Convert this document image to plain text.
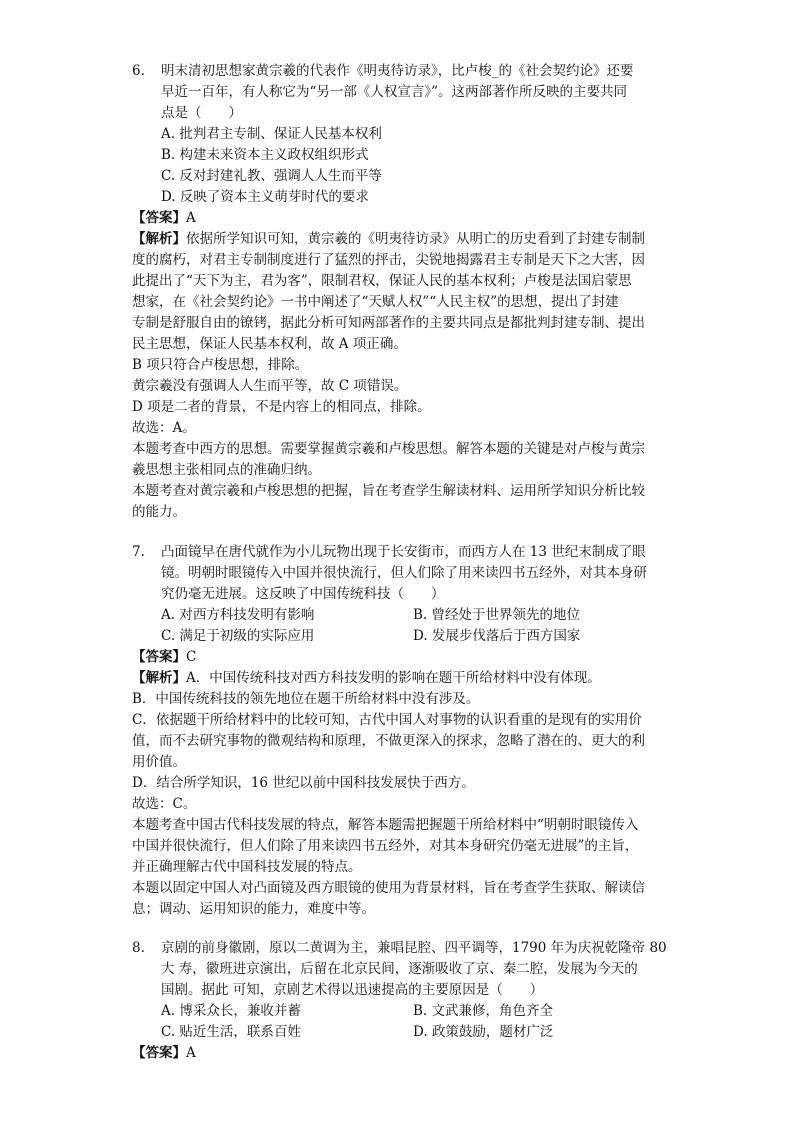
6. 明末清初思想家黄宗羲的代表作《明夷待访录》，比卢梭_的《社会契约论》还要
早近一百年，有人称它为“另一部《人权宣言》”。这两部著作所反映的主要共同
点是（　　）
A. 批判君主专制、保证人民基本权利
B. 构建未来资本主义政权组织形式
C. 反对封建礼教、强调人人生而平等
D. 反映了资本主义萌芽时代的要求
【答案】A
【解析】依据所学知识可知，黄宗羲的《明夷待访录》从明亡的历史看到了封建专制制
度的腐朽，对君主专制制度进行了猛烈的抨击，尖锐地揭露君主专制是天下之大害，因
此提出了“天下为主，君为客”，限制君权，保证人民的基本权利；卢梭是法国启蒙思
想家，在《社会契约论》一书中阐述了“天赋人权”“人民主权”的思想，提出了封建
专制是舒服自由的镣铐，据此分析可知两部著作的主要共同点是都批判封建专制、提出
民主思想，保证人民基本权利，故 A 项正确。
B 项只符合卢梭思想，排除。
黄宗羲没有强调人人生而平等，故 C 项错误。
D 项是二者的背景，不是内容上的相同点，排除。
故选：A。
本题考查中西方的思想。需要掌握黄宗羲和卢梭思想。解答本题的关键是对卢梭与黄宗
羲思想主张相同点的准确归纳。
本题考查对黄宗羲和卢梭思想的把握，旨在考查学生解读材料、运用所学知识分析比较
的能力。
7. 凸面镜早在唐代就作为小儿玩物出现于长安街市，而西方人在 13 世纪末制成了眼
镜。明朝时眼镜传入中国并很快流行，但人们除了用来读四书五经外，对其本身研
究仍毫无进展。这反映了中国传统科技（　　）
A. 对西方科技发明有影响	B. 曾经处于世界领先的地位
C. 满足于初级的实际应用	D. 发展步伐落后于西方国家
【答案】C
【解析】A．中国传统科技对西方科技发明的影响在题干所给材料中没有体现。
B．中国传统科技的领先地位在题干所给材料中没有涉及。
C．依据题干所给材料中的比较可知，古代中国人对事物的认识看重的是现有的实用价
值，而不去研究事物的微观结构和原理，不做更深入的探求，忽略了潜在的、更大的利
用价值。
D．结合所学知识，16 世纪以前中国科技发展快于西方。
故选：C。
本题考查中国古代科技发展的特点，解答本题需把握题干所给材料中“明朝时眼镜传入
中国并很快流行，但人们除了用来读四书五经外，对其本身研究仍毫无进展”的主旨，
并正确理解古代中国科技发展的特点。
本题以固定中国人对凸面镜及西方眼镜的使用为背景材料，旨在考查学生获取、解读信
息；调动、运用知识的能力，难度中等。
8. 京剧的前身徽剧，原以二黄调为主，兼唱昆腔、四平调等，1790 年为庆祝乾隆帝 80
大 寿，徽班进京演出，后留在北京民间，逐渐吸收了京、秦二腔，发展为今天的
国剧。据此 可知，京剧艺术得以迅速提高的主要原因是（　　）
A. 博采众长，兼收并蓄	B. 文武兼修，角色齐全
C. 贴近生活，联系百姓	D. 政策鼓励，题材广泛
【答案】A
